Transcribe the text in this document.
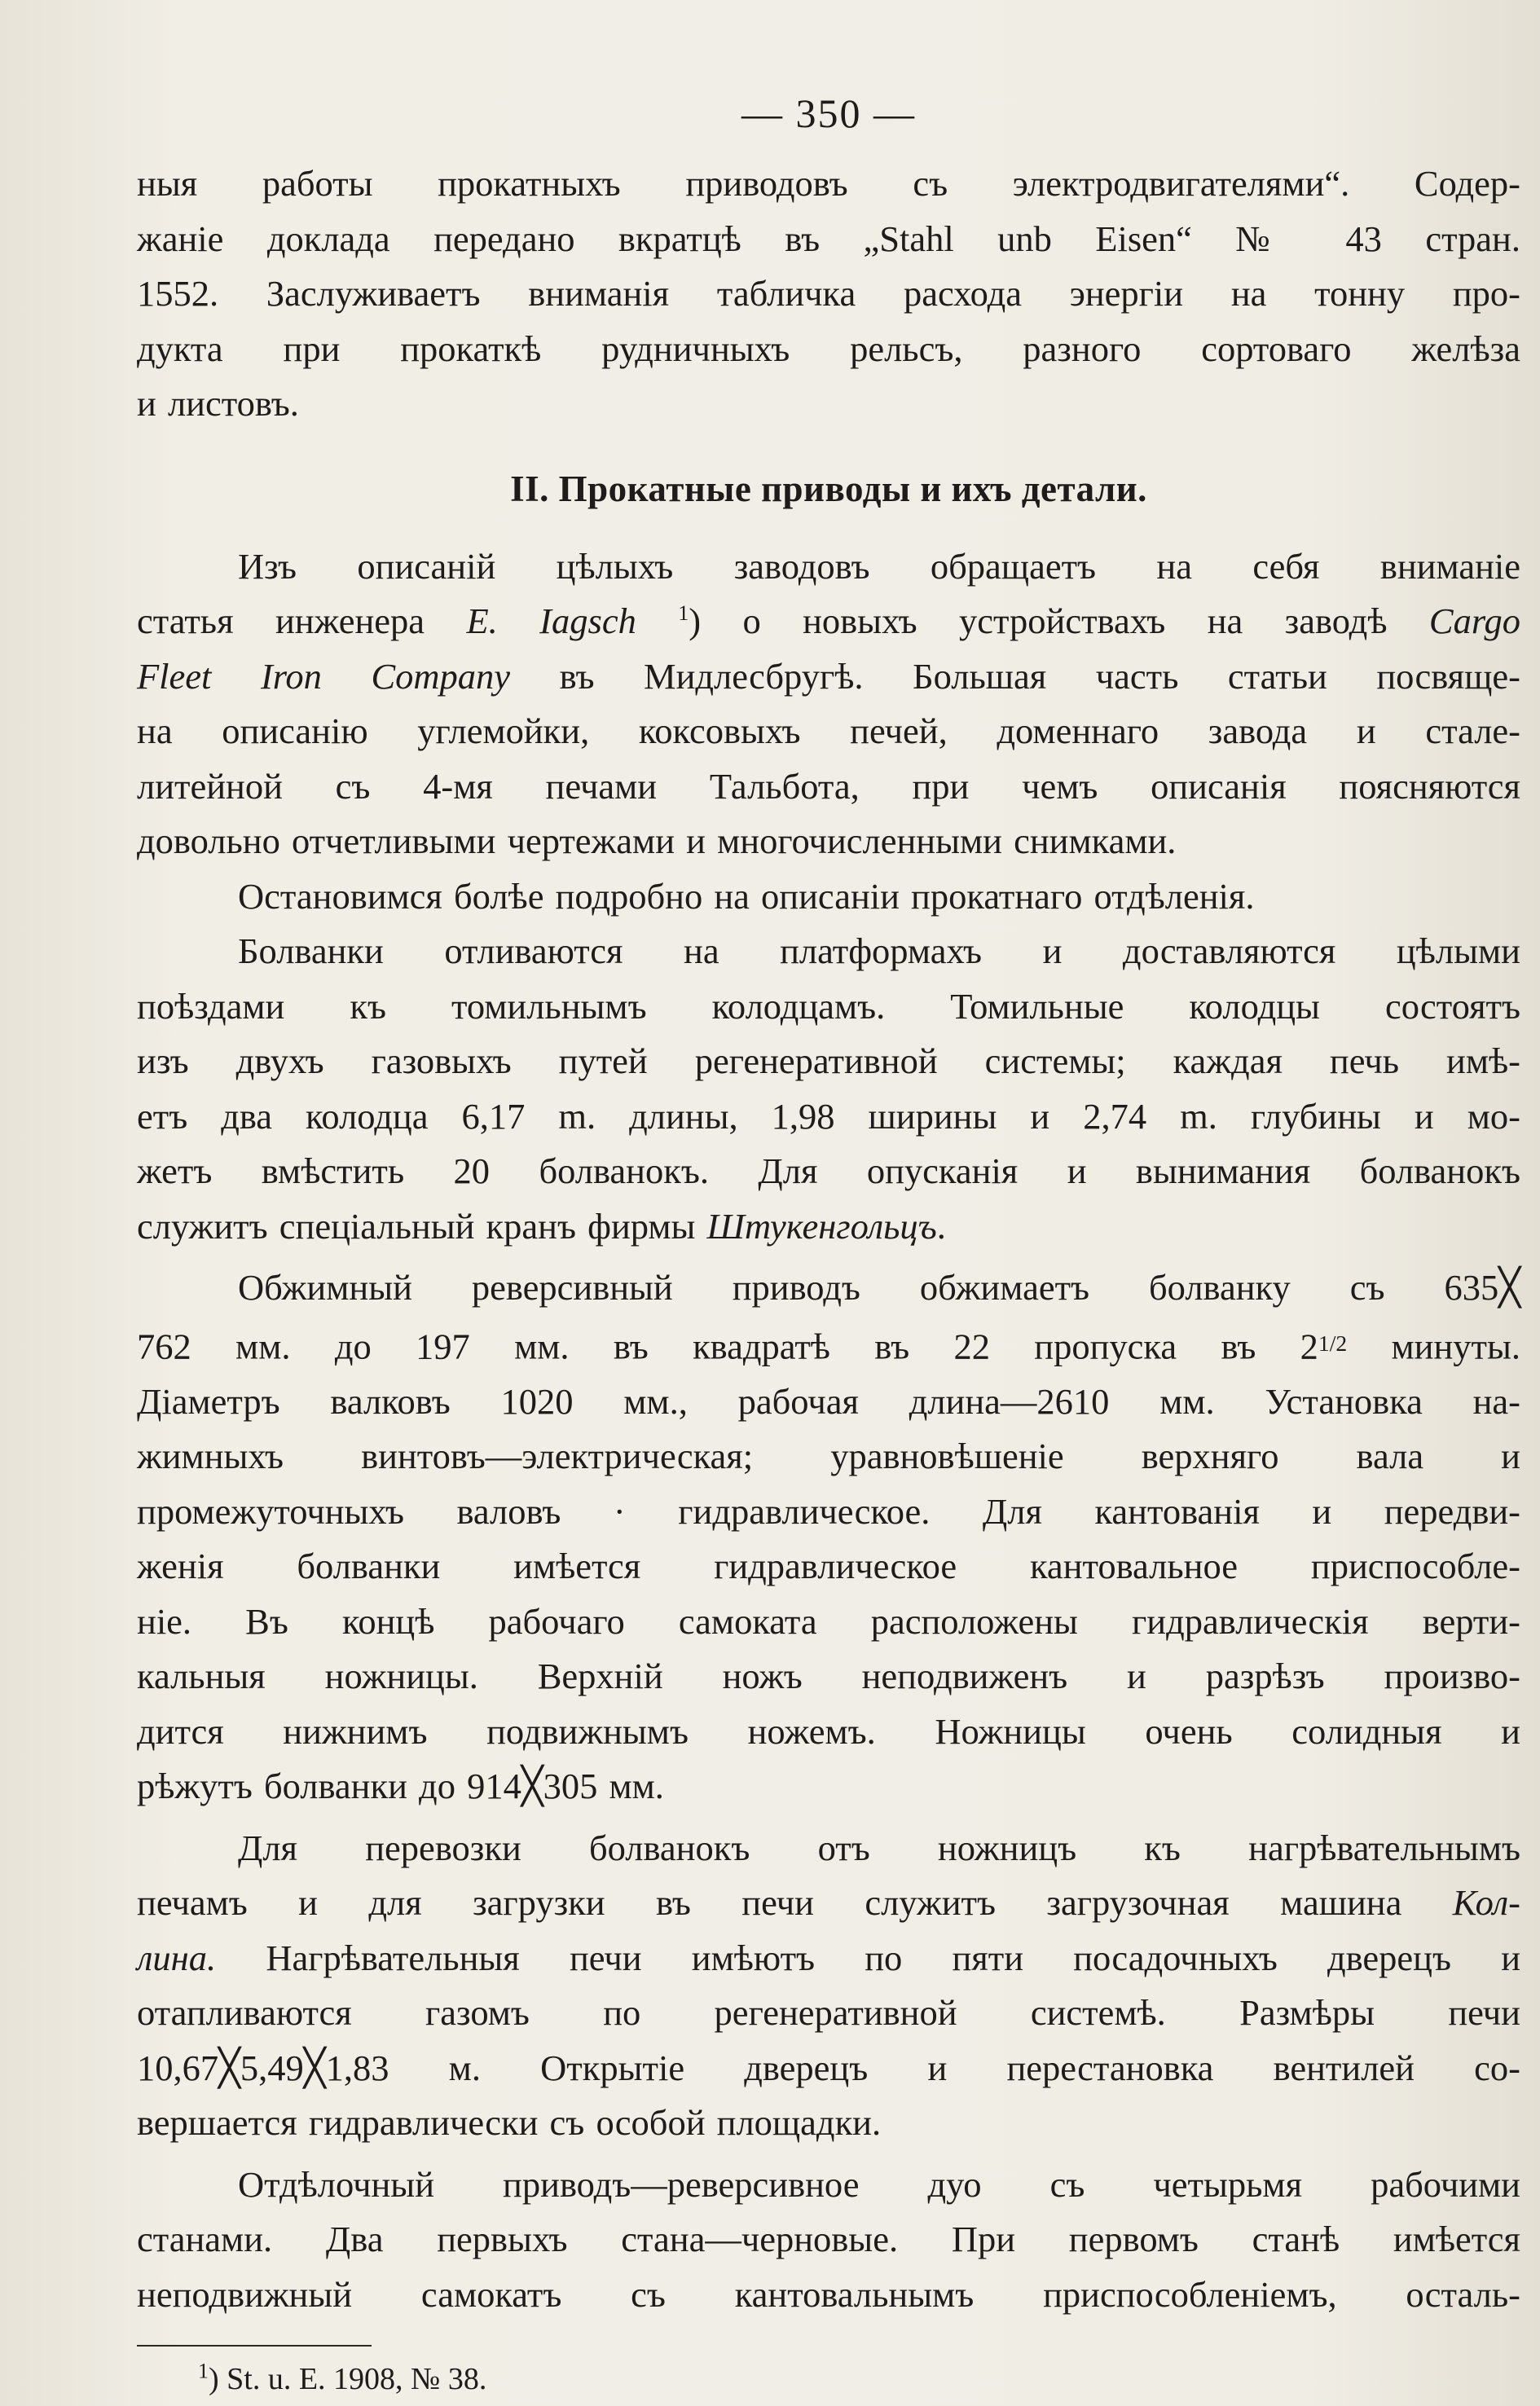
— 350 —

ныя работы прокатныхъ приводовъ съ электродвигателями“. Содер-

жаніе доклада передано вкратцѣ въ „Stahl unb Eisen“ № 43 стран.

1552. Заслуживаетъ вниманія табличка расхода энергіи на тонну про-

дукта при прокаткѣ рудничныхъ рельсъ, разного сортоваго желѣза

и листовъ.

II. Прокатные приводы и ихъ детали.

Изъ описаній цѣлыхъ заводовъ обращаетъ на себя вниманіе

статья инженера E. Iagsch $^1$) о новыхъ устройствахъ на заводѣ Cargo

Fleet Iron Company въ Мидлесбругѣ. Большая часть статьи посвяще-

на описанію углемойки, коксовыхъ печей, доменнаго завода и стале-

литейной съ 4-мя печами Тальбота, при чемъ описанія поясняются

довольно отчетливыми чертежами и многочисленными снимками.

Остановимся болѣе подробно на описаніи прокатнаго отдѣленія.

Болванки отливаются на платформахъ и доставляются цѣлыми

поѣздами къ томильнымъ колодцамъ. Томильные колодцы состоятъ

изъ двухъ газовыхъ путей регенеративной системы; каждая печь имѣ-

етъ два колодца 6,17 m. длины, 1,98 ширины и 2,74 m. глубины и мо-

жетъ вмѣстить 20 болванокъ. Для опусканія и вынимания болванокъ

служитъ спеціальный кранъ фирмы Штукенгольцъ.

Обжимный реверсивный приводъ обжимаетъ болванку съ 635╳

762 мм. до 197 мм. въ квадратѣ въ 22 пропуска въ $2^{1/2}$ минуты.

Діаметръ валковъ 1020 мм., рабочая длина—2610 мм. Установка на-

жимныхъ винтовъ—электрическая; уравновѣшеніе верхняго вала и

промежуточныхъ валовъ · гидравлическое. Для кантованія и передви-

женія болванки имѣется гидравлическое кантовальное приспособле-

ніе. Въ концѣ рабочаго самоката расположены гидравлическія верти-

кальныя ножницы. Верхній ножъ неподвиженъ и разрѣзъ произво-

дится нижнимъ подвижнымъ ножемъ. Ножницы очень солидныя и

рѣжутъ болванки до 914╳305 мм.

Для перевозки болванокъ отъ ножницъ къ нагрѣвательнымъ

печамъ и для загрузки въ печи служитъ загрузочная машина Кол-

лина. Нагрѣвательныя печи имѣютъ по пяти посадочныхъ дверецъ и

отапливаются газомъ по регенеративной системѣ. Размѣры печи

10,67╳5,49╳1,83 м. Открытіе дверецъ и перестановка вентилей со-

вершается гидравлически съ особой площадки.

Отдѣлочный приводъ—реверсивное дуо съ четырьмя рабочими

станами. Два первыхъ стана—черновые. При первомъ станѣ имѣется

неподвижный самокатъ съ кантовальнымъ приспособленіемъ, осталь-

$^1$) St. u. E. 1908, № 38.
